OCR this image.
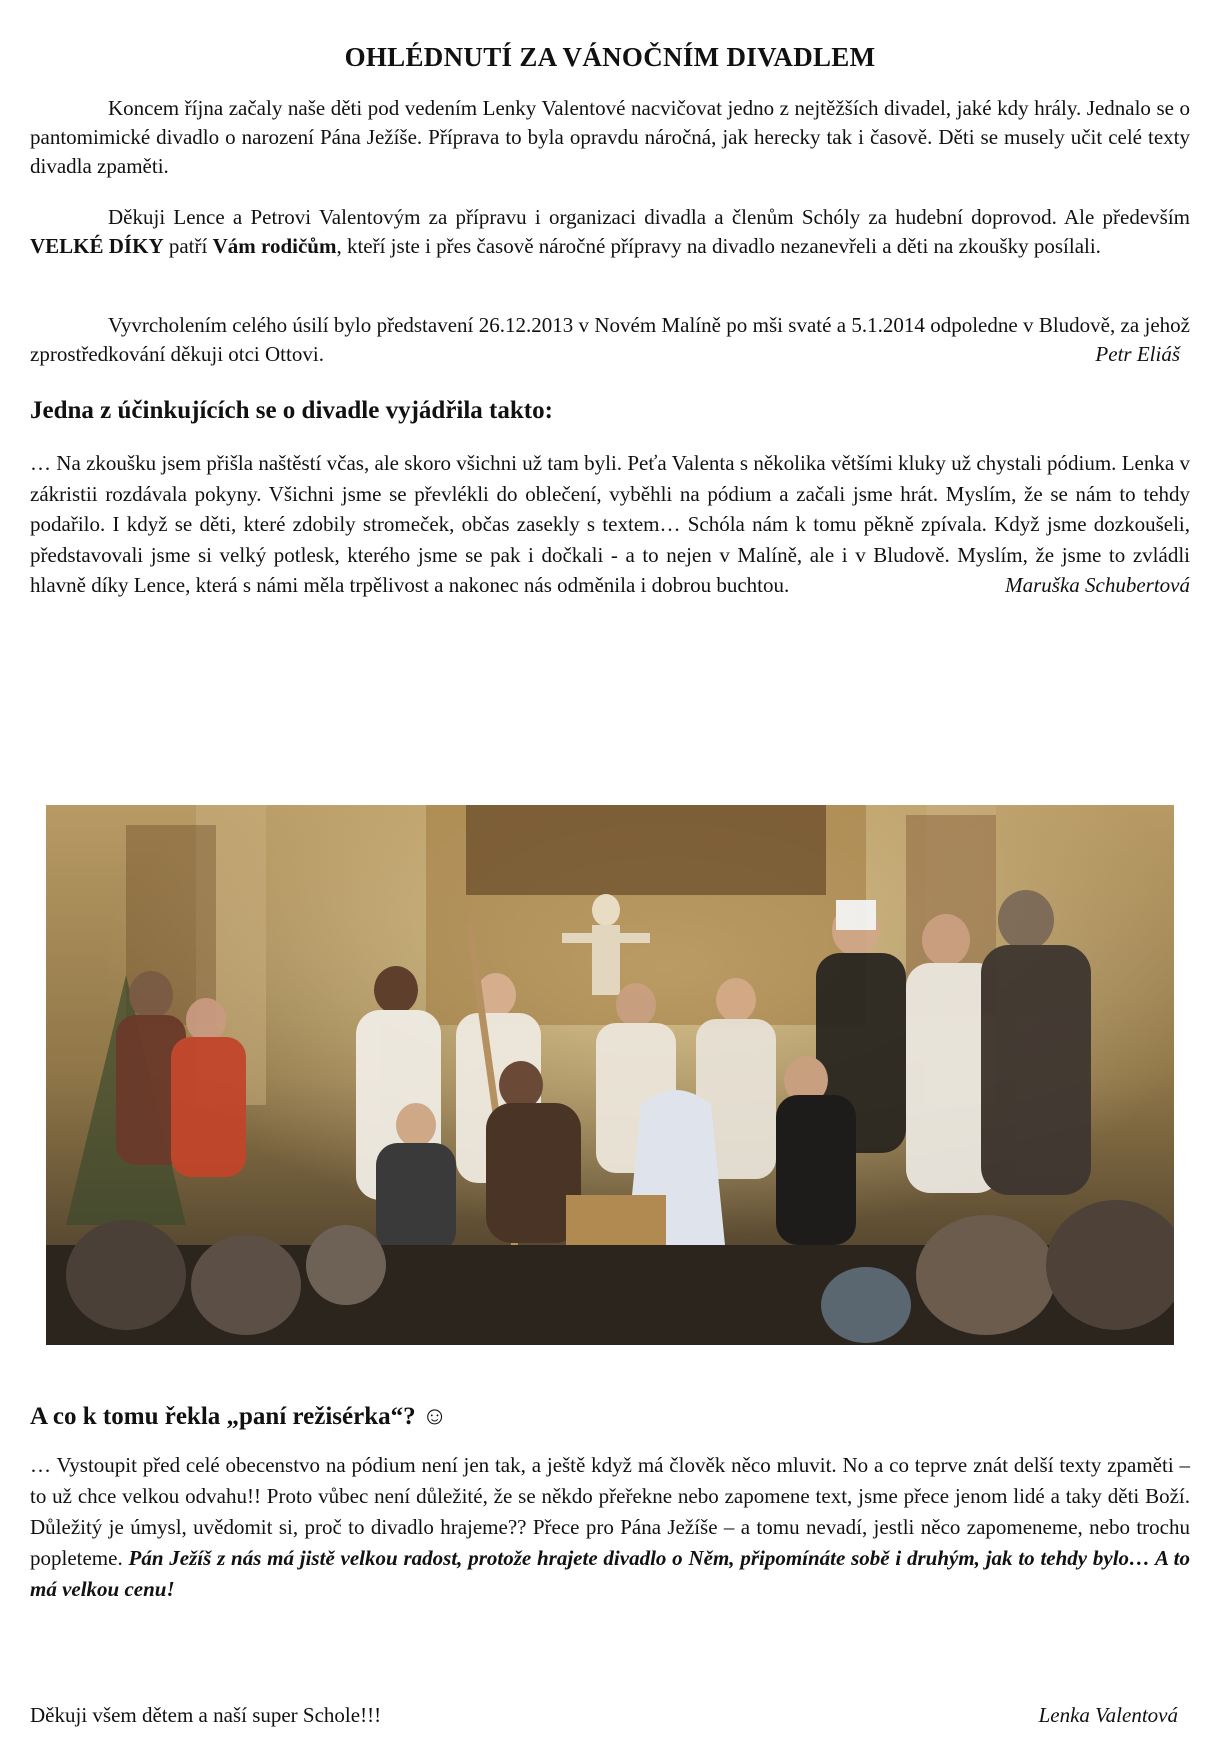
OHLÉDNUTÍ ZA VÁNOČNÍM DIVADLEM

Koncem října začaly naše děti pod vedením Lenky Valentové nacvičovat jedno z nejtěžších divadel, jaké kdy hrály. Jednalo se o pantomimické divadlo o narození Pána Ježíše. Příprava to byla opravdu náročná, jak herecky tak i časově. Děti se musely učit celé texty divadla zpaměti.

Děkuji Lence a Petrovi Valentovým za přípravu i organizaci divadla a členům Schóly za hudební doprovod. Ale především VELKÉ DÍKY patří Vám rodičům, kteří jste i přes časově náročné přípravy na divadlo nezanevřeli a děti na zkoušky posílali.

Vyvrcholením celého úsilí bylo představení 26.12.2013 v Novém Malíně po mši svaté a 5.1.2014 odpoledne v Bludově, za jehož zprostředkování děkuji otci Ottovi.	Petr Eliáš

Jedna z účinkujících se o divadle vyjádřila takto:

… Na zkoušku jsem přišla naštěstí včas, ale skoro všichni už tam byli. Peťa Valenta s několika většími kluky už chystali pódium. Lenka v zákristii rozdávala pokyny. Všichni jsme se převlékli do oblečení, vyběhli na pódium a začali jsme hrát. Myslím, že se nám to tehdy podařilo. I když se děti, které zdobily stromeček, občas zasekly s textem… Schóla nám k tomu pěkně zpívala. Když jsme dozkoušeli, představovali jsme si velký potlesk, kterého jsme se pak i dočkali - a to nejen v Malíně, ale i v Bludově. Myslím, že jsme to zvládli hlavně díky Lence, která s námi měla trpělivost a nakonec nás odměnila i dobrou buchtou.	Maruška Schubertová

A co k tomu řekla „paní režisérka“? ☺

… Vystoupit před celé obecenstvo na pódium není jen tak, a ještě když má člověk něco mluvit. No a co teprve znát delší texty zpaměti – to už chce velkou odvahu!! Proto vůbec není důležité, že se někdo přeřekne nebo zapomene text, jsme přece jenom lidé a taky děti Boží. Důležitý je úmysl, uvědomit si, proč to divadlo hrajeme?? Přece pro Pána Ježíše – a tomu nevadí, jestli něco zapomeneme, nebo trochu popleteme. Pán Ježíš z nás má jistě velkou radost, protože hrajete divadlo o Něm, připomínáte sobě i druhým, jak to tehdy bylo… A to má velkou cenu!

Děkuji všem dětem a naší super Schole!!!	Lenka Valentová
